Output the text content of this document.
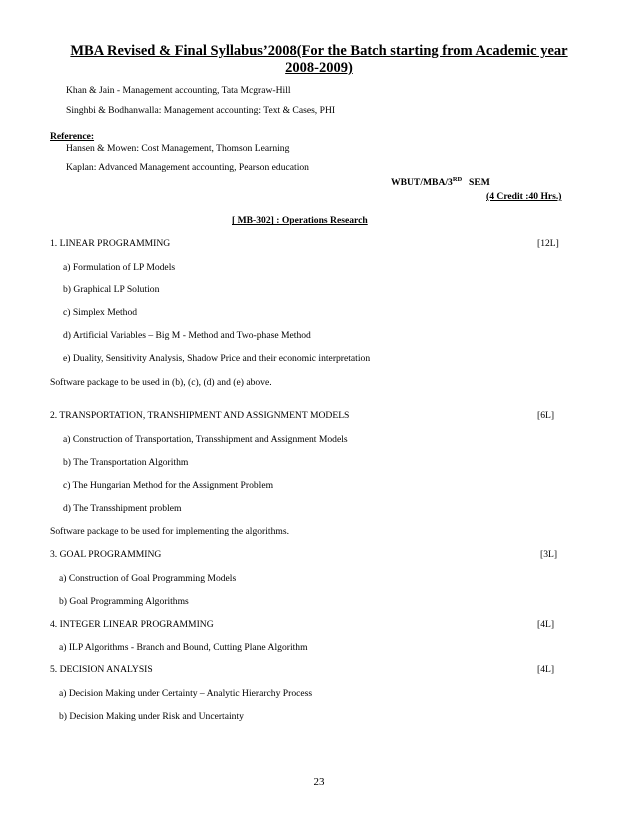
MBA Revised & Final Syllabus’2008(For the Batch starting from Academic year
2008-2009)
Khan & Jain - Management accounting, Tata Mcgraw-Hill
Singhbi & Bodhanwalla: Management accounting: Text & Cases, PHI
Reference:
Hansen & Mowen: Cost Management, Thomson Learning
Kaplan: Advanced Management accounting, Pearson education
WBUT/MBA/3RD SEM
(4 Credit :40 Hrs.)
[ MB-302] : Operations Research
1. LINEAR PROGRAMMING	[12L]
a) Formulation of LP Models
b) Graphical LP Solution
c) Simplex Method
d) Artificial Variables – Big M - Method and Two-phase Method
e) Duality, Sensitivity Analysis, Shadow Price and their economic interpretation
Software package to be used in (b), (c), (d) and (e) above.
2. TRANSPORTATION, TRANSHIPMENT AND ASSIGNMENT MODELS	[6L]
a) Construction of Transportation, Transshipment and Assignment Models
b) The Transportation Algorithm
c) The Hungarian Method for the Assignment Problem
d) The Transshipment problem
Software package to be used for implementing the algorithms.
3. GOAL PROGRAMMING	[3L]
a) Construction of Goal Programming Models
b) Goal Programming Algorithms
4. INTEGER LINEAR PROGRAMMING	[4L]
a) ILP Algorithms - Branch and Bound, Cutting Plane Algorithm
5. DECISION ANALYSIS	[4L]
a) Decision Making under Certainty – Analytic Hierarchy Process
b) Decision Making under Risk and Uncertainty
23
